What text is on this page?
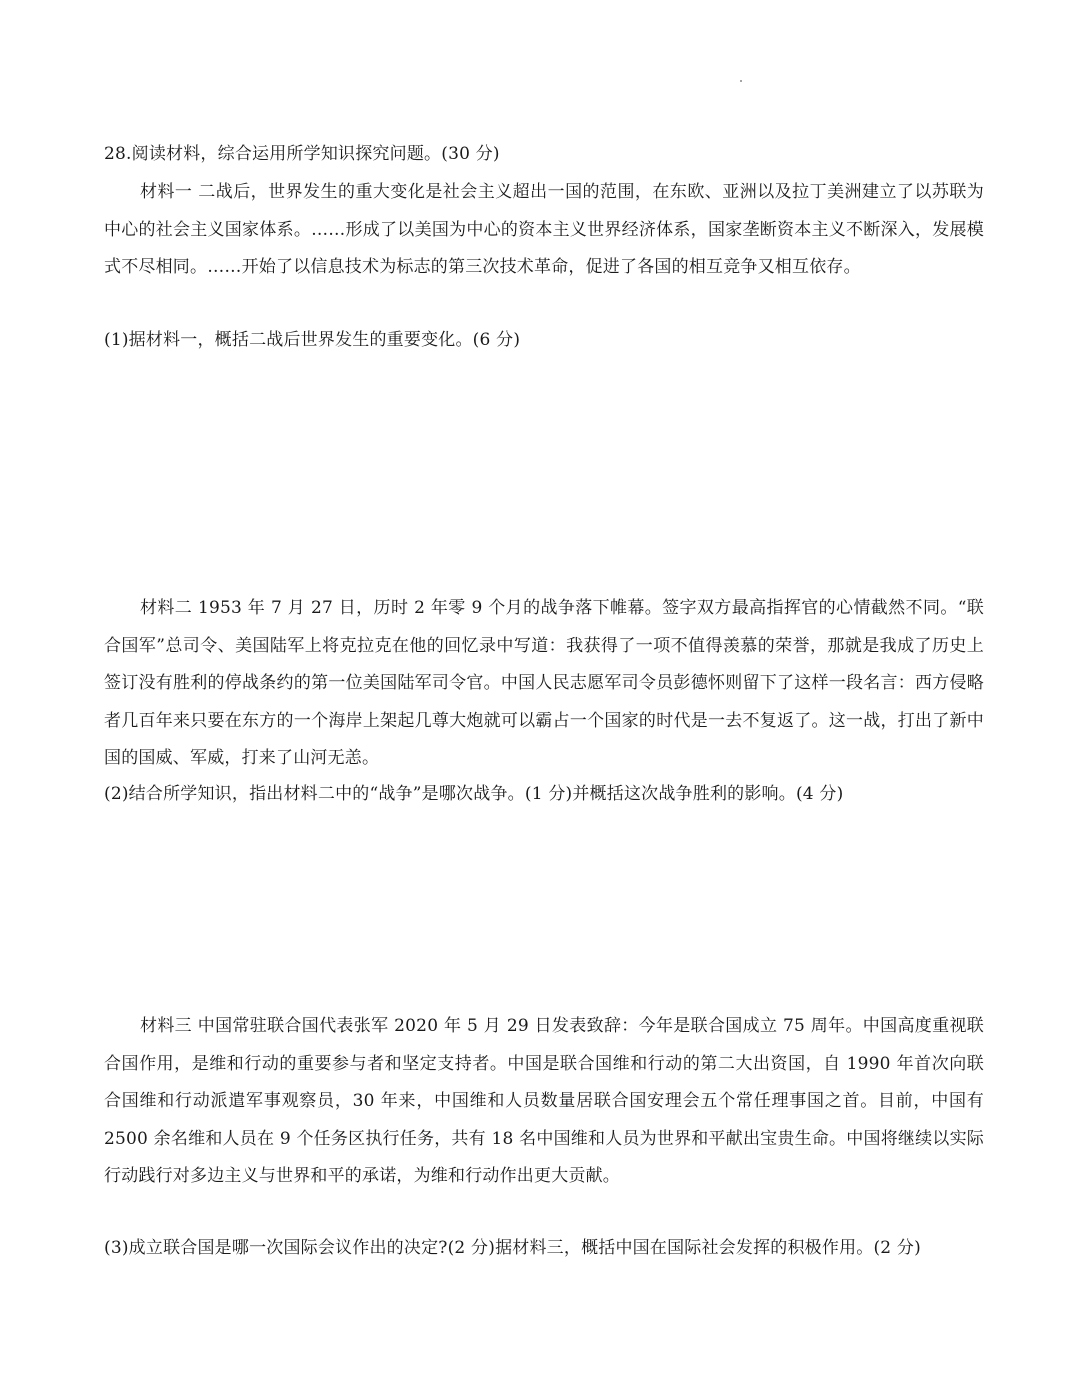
28.阅读材料，综合运用所学知识探究问题。(30 分)

材料一 二战后，世界发生的重大变化是社会主义超出一国的范围，在东欧、亚洲以及拉丁美洲建立了以苏联为中心的社会主义国家体系。……形成了以美国为中心的资本主义世界经济体系，国家垄断资本主义不断深入，发展模式不尽相同。……开始了以信息技术为标志的第三次技术革命，促进了各国的相互竞争又相互依存。

(1)据材料一，概括二战后世界发生的重要变化。(6 分)

材料二 1953 年 7 月 27 日，历时 2 年零 9 个月的战争落下帷幕。签字双方最高指挥官的心情截然不同。“联合国军”总司令、美国陆军上将克拉克在他的回忆录中写道：我获得了一项不值得羡慕的荣誉，那就是我成了历史上签订没有胜利的停战条约的第一位美国陆军司令官。中国人民志愿军司令员彭德怀则留下了这样一段名言：西方侵略者几百年来只要在东方的一个海岸上架起几尊大炮就可以霸占一个国家的时代是一去不复返了。这一战，打出了新中国的国威、军威，打来了山河无恙。

(2)结合所学知识，指出材料二中的“战争”是哪次战争。(1 分)并概括这次战争胜利的影响。(4 分)

材料三 中国常驻联合国代表张军 2020 年 5 月 29 日发表致辞：今年是联合国成立 75 周年。中国高度重视联合国作用，是维和行动的重要参与者和坚定支持者。中国是联合国维和行动的第二大出资国，自 1990 年首次向联合国维和行动派遣军事观察员，30 年来，中国维和人员数量居联合国安理会五个常任理事国之首。目前，中国有 2500 余名维和人员在 9 个任务区执行任务，共有 18 名中国维和人员为世界和平献出宝贵生命。中国将继续以实际行动践行对多边主义与世界和平的承诺，为维和行动作出更大贡献。

(3)成立联合国是哪一次国际会议作出的决定?(2 分)据材料三，概括中国在国际社会发挥的积极作用。(2 分)
